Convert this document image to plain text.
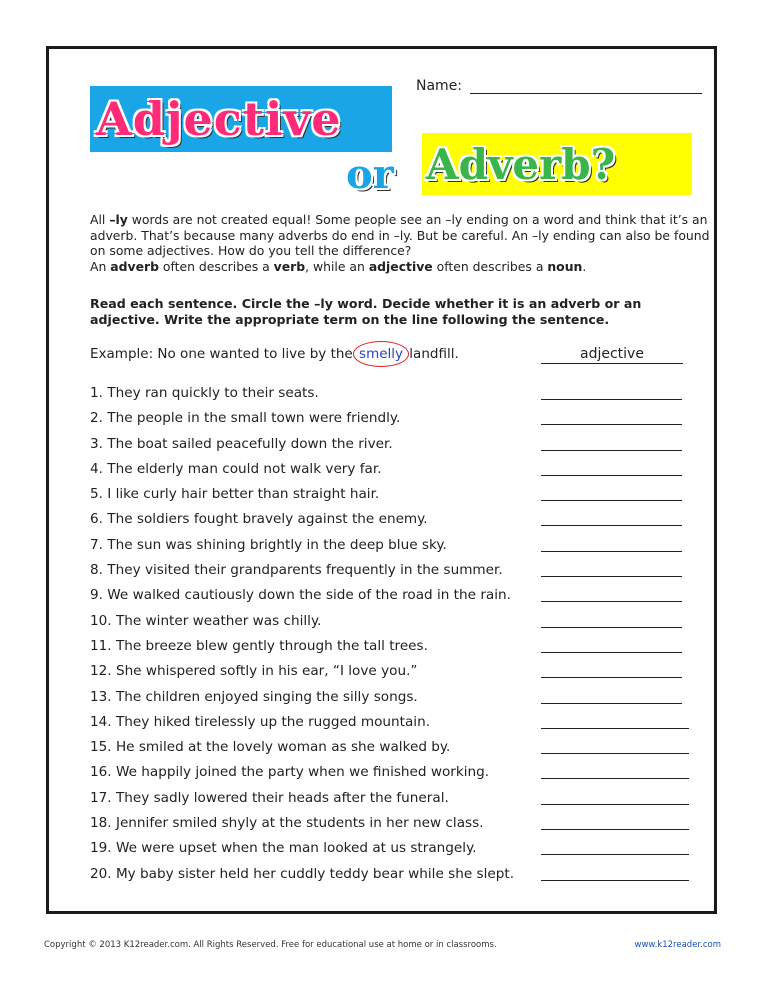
Name:
Adjective
or Adverb?

All –ly words are not created equal! Some people see an –ly ending on a word and think that it’s an adverb. That’s because many adverbs do end in –ly. But be careful. An –ly ending can also be found on some adjectives. How do you tell the difference?

An adverb often describes a verb, while an adjective often describes a noun.

Read each sentence. Circle the –ly word. Decide whether it is an adverb or an adjective. Write the appropriate term on the line following the sentence.
Example: No one wanted to live by the smelly landfill.	adjective
1. They ran quickly to their seats.
2. The people in the small town were friendly.
3. The boat sailed peacefully down the river.
4. The elderly man could not walk very far.
5. I like curly hair better than straight hair.
6. The soldiers fought bravely against the enemy.
7. The sun was shining brightly in the deep blue sky.
8. They visited their grandparents frequently in the summer.
9. We walked cautiously down the side of the road in the rain.
10. The winter weather was chilly.
11. The breeze blew gently through the tall trees.
12. She whispered softly in his ear, “I love you.”
13. The children enjoyed singing the silly songs.
14. They hiked tirelessly up the rugged mountain.
15. He smiled at the lovely woman as she walked by.
16. We happily joined the party when we finished working.
17. They sadly lowered their heads after the funeral.
18. Jennifer smiled shyly at the students in her new class.
19. We were upset when the man looked at us strangely.
20. My baby sister held her cuddly teddy bear while she slept.
Copyright © 2013 K12reader.com. All Rights Reserved. Free for educational use at home or in classrooms.	www.k12reader.com
